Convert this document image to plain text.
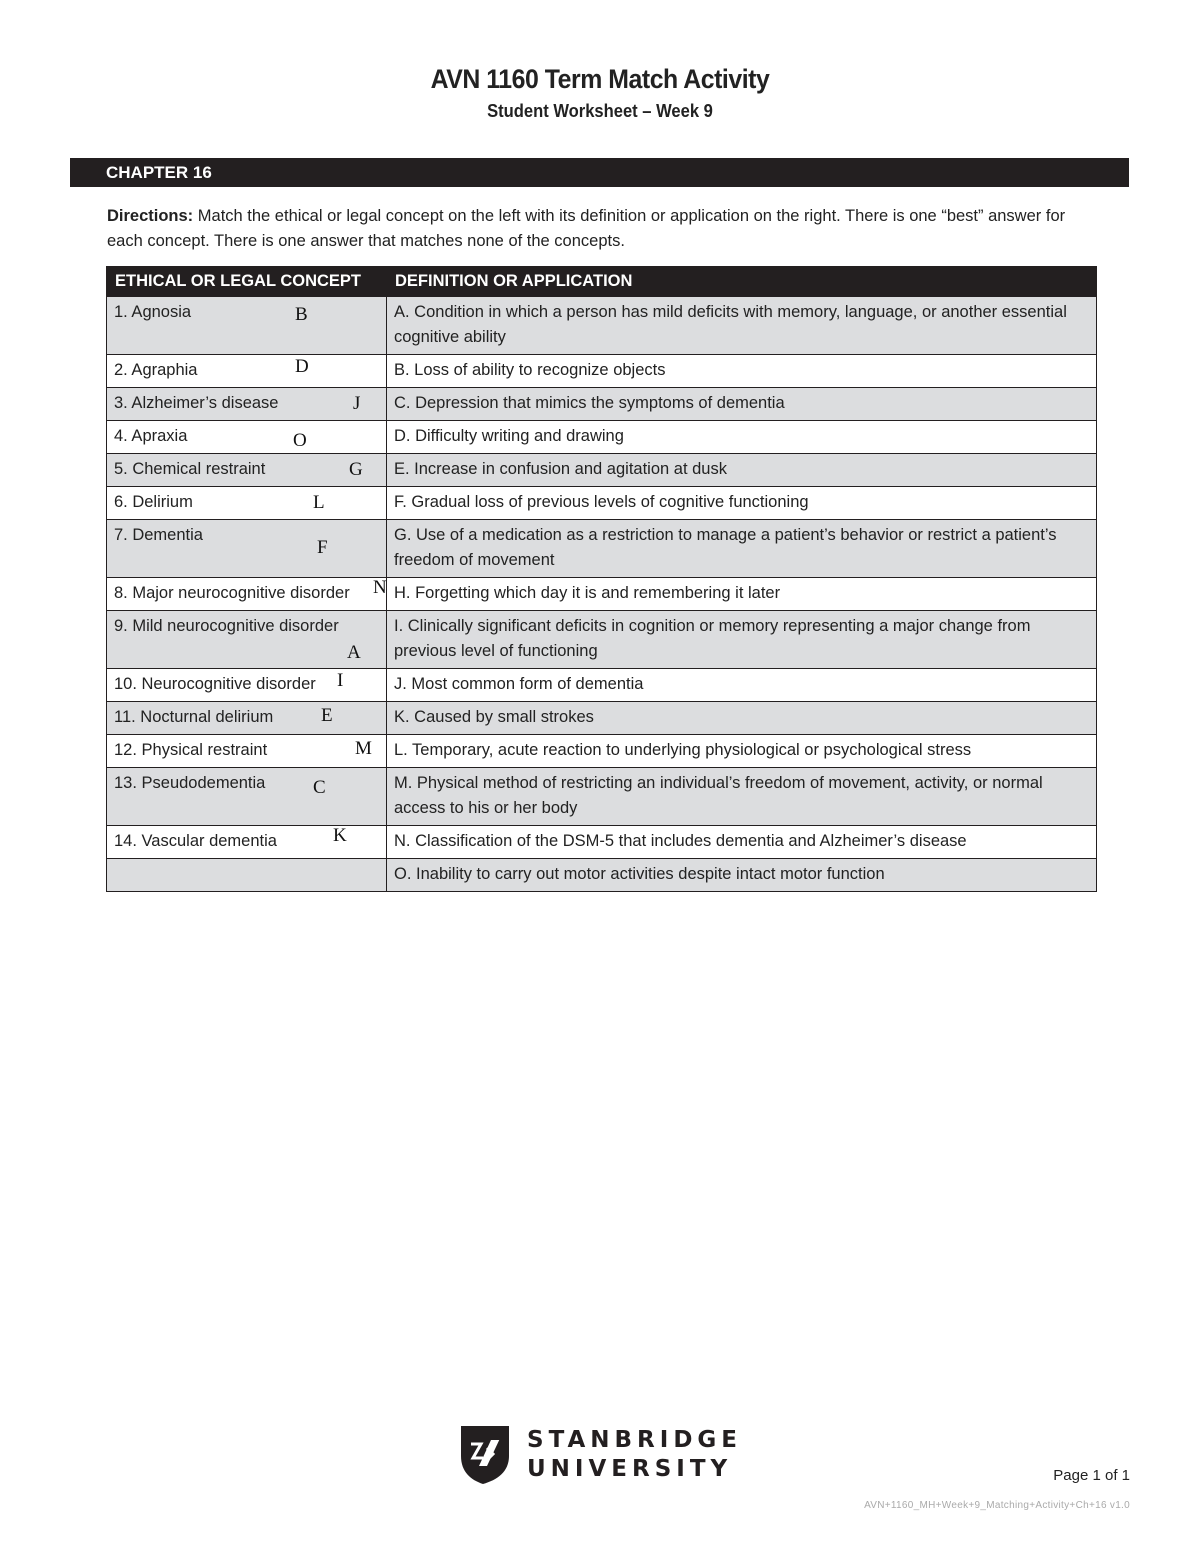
AVN 1160 Term Match Activity
Student Worksheet – Week 9
CHAPTER 16
Directions: Match the ethical or legal concept on the left with its definition or application on the right. There is one “best” answer for each concept. There is one answer that matches none of the concepts.
ETHICAL OR LEGAL CONCEPT	DEFINITION OR APPLICATION
1. Agnosia B	A. Condition in which a person has mild deficits with memory, language, or another essential cognitive ability
2. Agraphia D	B. Loss of ability to recognize objects
3. Alzheimer’s disease J	C. Depression that mimics the symptoms of dementia
4. Apraxia O	D. Difficulty writing and drawing
5. Chemical restraint G	E. Increase in confusion and agitation at dusk
6. Delirium L	F. Gradual loss of previous levels of cognitive functioning
7. Dementia
F	G. Use of a medication as a restriction to manage a patient’s behavior or restrict a patient’s freedom of movement
8. Major neurocognitive disorder N	H. Forgetting which day it is and remembering it later
9. Mild neurocognitive disorder
A	I. Clinically significant deficits in cognition or memory representing a major change from previous level of functioning
10. Neurocognitive disorder I	J. Most common form of dementia
11. Nocturnal delirium E	K. Caused by small strokes
12. Physical restraint M	L. Temporary, acute reaction to underlying physiological or psychological stress
13. Pseudodementia C	M. Physical method of restricting an individual’s freedom of movement, activity, or normal access to his or her body
14. Vascular dementia K	N. Classification of the DSM-5 that includes dementia and Alzheimer’s disease
	O. Inability to carry out motor activities despite intact motor function
STANBRIDGE
UNIVERSITY	Page 1 of 1
AVN+1160_MH+Week+9_Matching+Activity+Ch+16 v1.0
